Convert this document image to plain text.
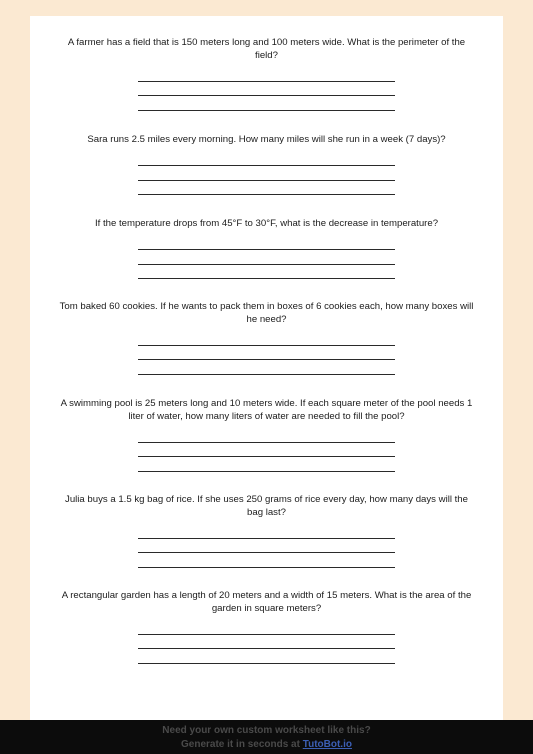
A farmer has a field that is 150 meters long and 100 meters wide. What is the perimeter of the field?

Sara runs 2.5 miles every morning. How many miles will she run in a week (7 days)?

If the temperature drops from 45°F to 30°F, what is the decrease in temperature?

Tom baked 60 cookies. If he wants to pack them in boxes of 6 cookies each, how many boxes will he need?

A swimming pool is 25 meters long and 10 meters wide. If each square meter of the pool needs 1 liter of water, how many liters of water are needed to fill the pool?

Julia buys a 1.5 kg bag of rice. If she uses 250 grams of rice every day, how many days will the bag last?

A rectangular garden has a length of 20 meters and a width of 15 meters. What is the area of the garden in square meters?

Need your own custom worksheet like this?
Generate it in seconds at TutoBot.io
